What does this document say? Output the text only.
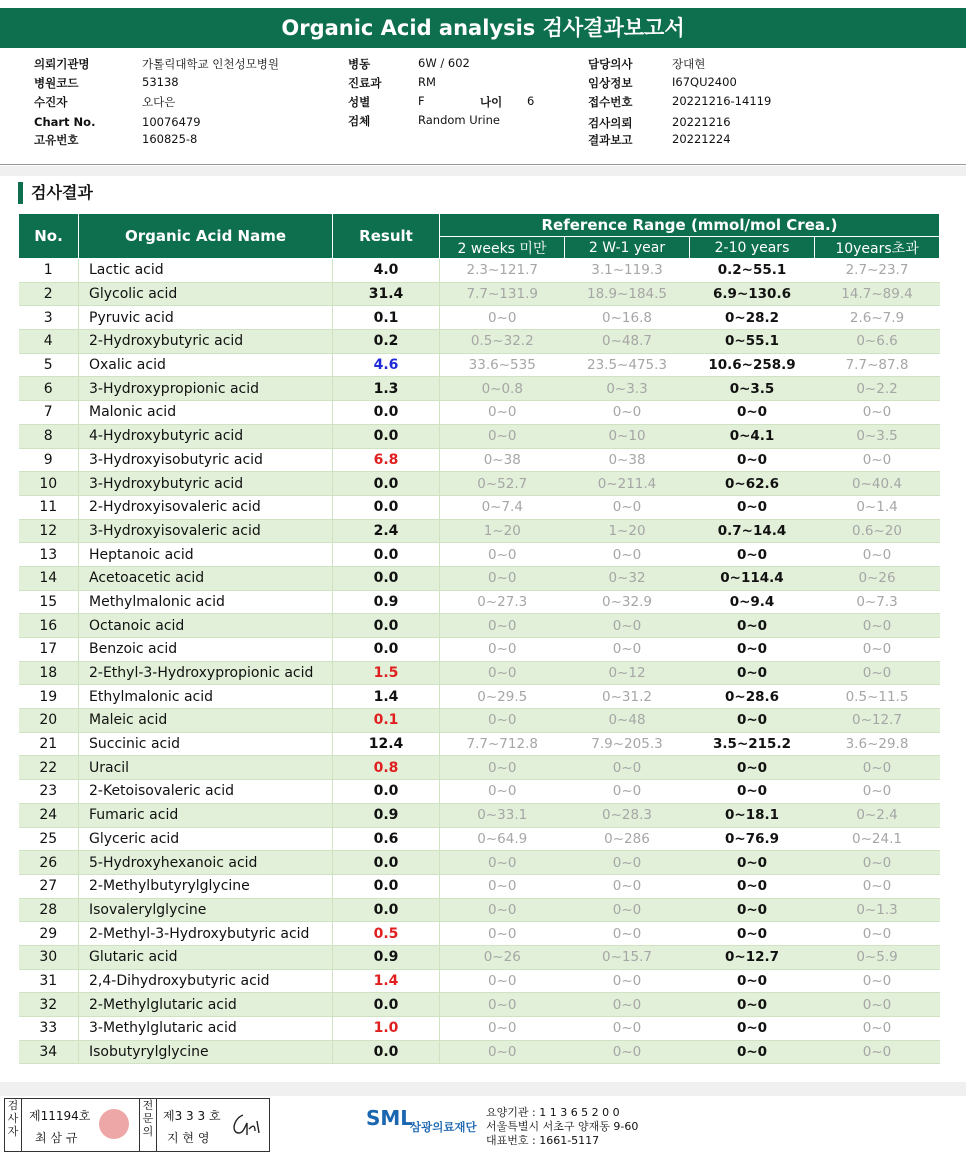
Organic Acid analysis 검사결과보고서
의뢰기관명	가톨릭대학교 인천성모병원
병원코드	53138
수진자	오다은
Chart No.	10076479
고유번호	160825-8
병동	6W / 602
진료과	RM
성별	F	나이 6
검체	Random Urine
담당의사	장대현
임상정보	I67QU2400
접수번호	20221216-14119
검사의뢰	20221216
결과보고	20221224
검사결과
No.	Organic Acid Name	Result	Reference Range (mmol/mol Crea.)			
			2 weeks 미만	2 W-1 year	2-10 years	10years초과
1	Lactic acid	4.0	2.3~121.7	3.1~119.3	0.2~55.1	2.7~23.7
2	Glycolic acid	31.4	7.7~131.9	18.9~184.5	6.9~130.6	14.7~89.4
3	Pyruvic acid	0.1	0~0	0~16.8	0~28.2	2.6~7.9
4	2-Hydroxybutyric acid	0.2	0.5~32.2	0~48.7	0~55.1	0~6.6
5	Oxalic acid	4.6	33.6~535	23.5~475.3	10.6~258.9	7.7~87.8
6	3-Hydroxypropionic acid	1.3	0~0.8	0~3.3	0~3.5	0~2.2
7	Malonic acid	0.0	0~0	0~0	0~0	0~0
8	4-Hydroxybutyric acid	0.0	0~0	0~10	0~4.1	0~3.5
9	3-Hydroxyisobutyric acid	6.8	0~38	0~38	0~0	0~0
10	3-Hydroxybutyric acid	0.0	0~52.7	0~211.4	0~62.6	0~40.4
11	2-Hydroxyisovaleric acid	0.0	0~7.4	0~0	0~0	0~1.4
12	3-Hydroxyisovaleric acid	2.4	1~20	1~20	0.7~14.4	0.6~20
13	Heptanoic acid	0.0	0~0	0~0	0~0	0~0
14	Acetoacetic acid	0.0	0~0	0~32	0~114.4	0~26
15	Methylmalonic acid	0.9	0~27.3	0~32.9	0~9.4	0~7.3
16	Octanoic acid	0.0	0~0	0~0	0~0	0~0
17	Benzoic acid	0.0	0~0	0~0	0~0	0~0
18	2-Ethyl-3-Hydroxypropionic acid	1.5	0~0	0~12	0~0	0~0
19	Ethylmalonic acid	1.4	0~29.5	0~31.2	0~28.6	0.5~11.5
20	Maleic acid	0.1	0~0	0~48	0~0	0~12.7
21	Succinic acid	12.4	7.7~712.8	7.9~205.3	3.5~215.2	3.6~29.8
22	Uracil	0.8	0~0	0~0	0~0	0~0
23	2-Ketoisovaleric acid	0.0	0~0	0~0	0~0	0~0
24	Fumaric acid	0.9	0~33.1	0~28.3	0~18.1	0~2.4
25	Glyceric acid	0.6	0~64.9	0~286	0~76.9	0~24.1
26	5-Hydroxyhexanoic acid	0.0	0~0	0~0	0~0	0~0
27	2-Methylbutyrylglycine	0.0	0~0	0~0	0~0	0~0
28	Isovalerylglycine	0.0	0~0	0~0	0~0	0~1.3
29	2-Methyl-3-Hydroxybutyric acid	0.5	0~0	0~0	0~0	0~0
30	Glutaric acid	0.9	0~26	0~15.7	0~12.7	0~5.9
31	2,4-Dihydroxybutyric acid	1.4	0~0	0~0	0~0	0~0
32	2-Methylglutaric acid	0.0	0~0	0~0	0~0	0~0
33	3-Methylglutaric acid	1.0	0~0	0~0	0~0	0~0
34	Isobutyrylglycine	0.0	0~0	0~0	0~0	0~0
검사자
제11194호
최 삼 규
전문의
제3 3 3 호
지 현 영
SML
삼광의료재단
요양기관 : 1 1 3 6 5 2 0 0
서울특별시 서초구 양재동 9-60
대표번호 : 1661-5117
